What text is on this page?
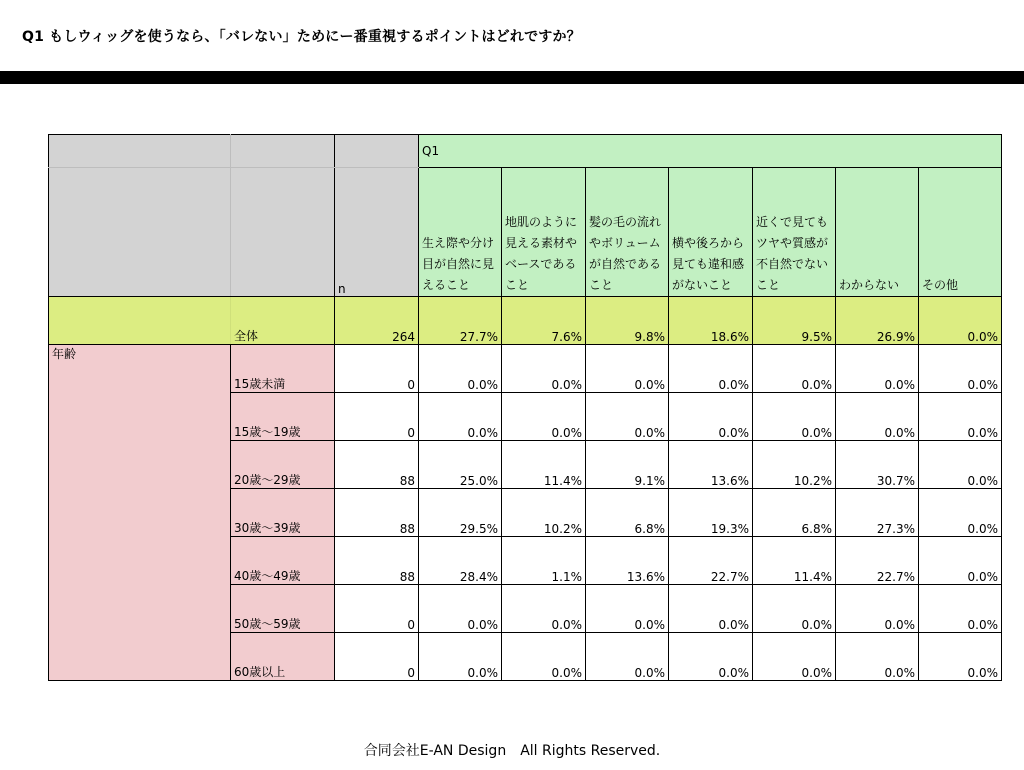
Q1 もしウィッグを使うなら、「バレない」ためにー番重視するポイントはどれですか？
			Q1						
		n	生え際や分け目が自然に見えること	地肌のように見える素材やベースであること	髪の毛の流れやボリュームが自然であること	横や後ろから見ても違和感がないこと	近くで見てもツヤや質感が不自然でないこと	わからない	その他
	全体	264	27.7%	7.6%	9.8%	18.6%	9.5%	26.9%	0.0%
年齢	15歳未満	0	0.0%	0.0%	0.0%	0.0%	0.0%	0.0%	0.0%
	15歳〜19歳	0	0.0%	0.0%	0.0%	0.0%	0.0%	0.0%	0.0%
	20歳〜29歳	88	25.0%	11.4%	9.1%	13.6%	10.2%	30.7%	0.0%
	30歳〜39歳	88	29.5%	10.2%	6.8%	19.3%	6.8%	27.3%	0.0%
	40歳〜49歳	88	28.4%	1.1%	13.6%	22.7%	11.4%	22.7%	0.0%
	50歳〜59歳	0	0.0%	0.0%	0.0%	0.0%	0.0%	0.0%	0.0%
	60歳以上	0	0.0%	0.0%	0.0%	0.0%	0.0%	0.0%	0.0%
合同会社E-AN Design　All Rights Reserved.
